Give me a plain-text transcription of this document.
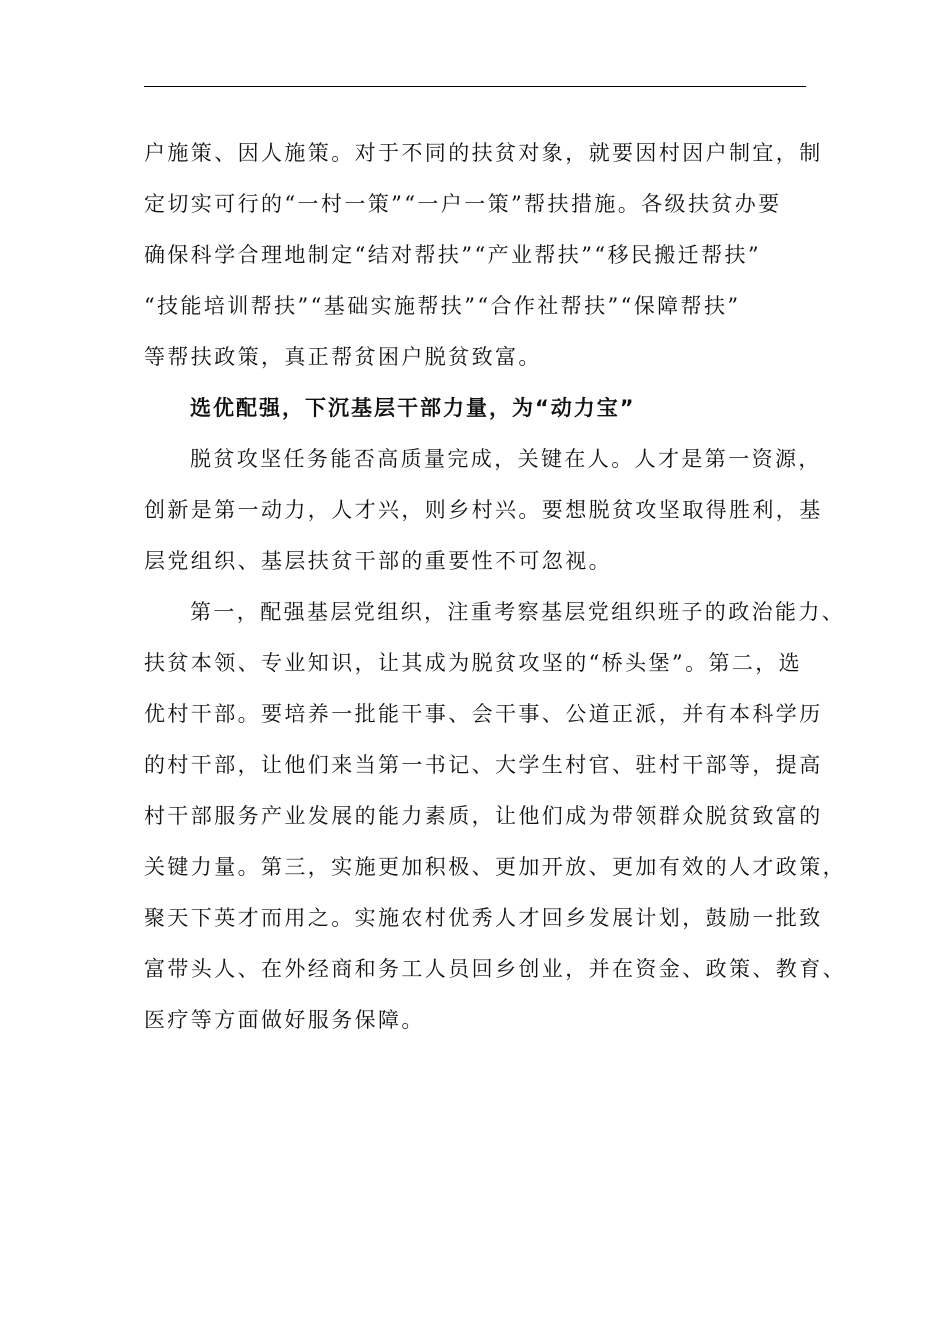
户施策、因人施策。对于不同的扶贫对象，就要因村因户制宜，制
定切实可行的“一村一策”“一户一策”帮扶措施。各级扶贫办要
确保科学合理地制定“结对帮扶”“产业帮扶”“移民搬迁帮扶”
“技能培训帮扶”“基础实施帮扶”“合作社帮扶”“保障帮扶”
等帮扶政策，真正帮贫困户脱贫致富。
选优配强，下沉基层干部力量，为“动力宝”
脱贫攻坚任务能否高质量完成，关键在人。人才是第一资源，
创新是第一动力，人才兴，则乡村兴。要想脱贫攻坚取得胜利，基
层党组织、基层扶贫干部的重要性不可忽视。
第一，配强基层党组织，注重考察基层党组织班子的政治能力、
扶贫本领、专业知识，让其成为脱贫攻坚的“桥头堡”。第二，选
优村干部。要培养一批能干事、会干事、公道正派，并有本科学历
的村干部，让他们来当第一书记、大学生村官、驻村干部等，提高
村干部服务产业发展的能力素质，让他们成为带领群众脱贫致富的
关键力量。第三，实施更加积极、更加开放、更加有效的人才政策，
聚天下英才而用之。实施农村优秀人才回乡发展计划，鼓励一批致
富带头人、在外经商和务工人员回乡创业，并在资金、政策、教育、
医疗等方面做好服务保障。
